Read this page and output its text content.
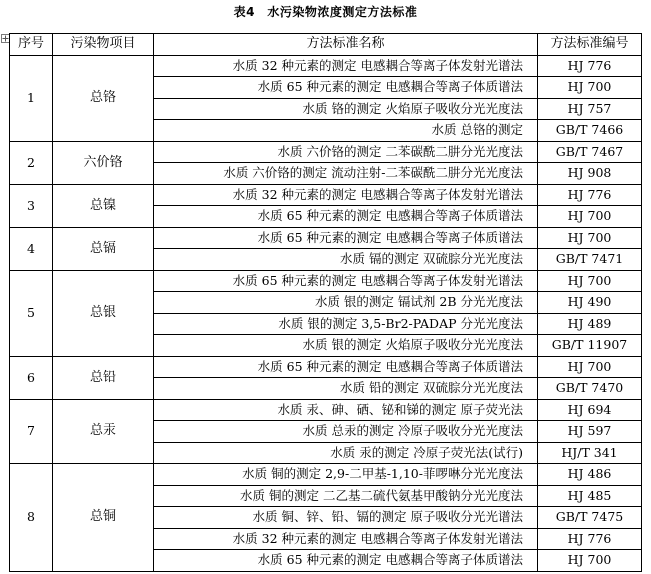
表4　水污染物浓度测定方法标准
序号	污染物项目	方法标准名称	方法标准编号
1	总铬	水质 32 种元素的测定 电感耦合等离子体发射光谱法	HJ 776
		水质 65 种元素的测定 电感耦合等离子体质谱法	HJ 700
		水质 铬的测定 火焰原子吸收分光光度法	HJ 757
		水质 总铬的测定	GB/T 7466
2	六价铬	水质 六价铬的测定 二苯碳酰二肼分光光度法	GB/T 7467
		水质 六价铬的测定 流动注射-二苯碳酰二肼分光光度法	HJ 908
3	总镍	水质 32 种元素的测定 电感耦合等离子体发射光谱法	HJ 776
		水质 65 种元素的测定 电感耦合等离子体质谱法	HJ 700
4	总镉	水质 65 种元素的测定 电感耦合等离子体质谱法	HJ 700
		水质 镉的测定 双硫腙分光光度法	GB/T 7471
5	总银	水质 65 种元素的测定 电感耦合等离子体发射光谱法	HJ 700
		水质 银的测定 镉试剂 2B 分光光度法	HJ 490
		水质 银的测定 3,5-Br2-PADAP 分光光度法	HJ 489
		水质 银的测定 火焰原子吸收分光光度法	GB/T 11907
6	总铅	水质 65 种元素的测定 电感耦合等离子体质谱法	HJ 700
		水质 铅的测定 双硫腙分光光度法	GB/T 7470
7	总汞	水质 汞、砷、硒、铋和锑的测定 原子荧光法	HJ 694
		水质 总汞的测定 冷原子吸收分光光度法	HJ 597
		水质 汞的测定 冷原子荧光法(试行)	HJ/T 341
8	总铜	水质 铜的测定 2,9-二甲基-1,10-菲啰啉分光光度法	HJ 486
		水质 铜的测定 二乙基二硫代氨基甲酸钠分光光度法	HJ 485
		水质 铜、锌、铅、镉的测定 原子吸收分光光谱法	GB/T 7475
		水质 32 种元素的测定 电感耦合等离子体发射光谱法	HJ 776
		水质 65 种元素的测定 电感耦合等离子体质谱法	HJ 700
